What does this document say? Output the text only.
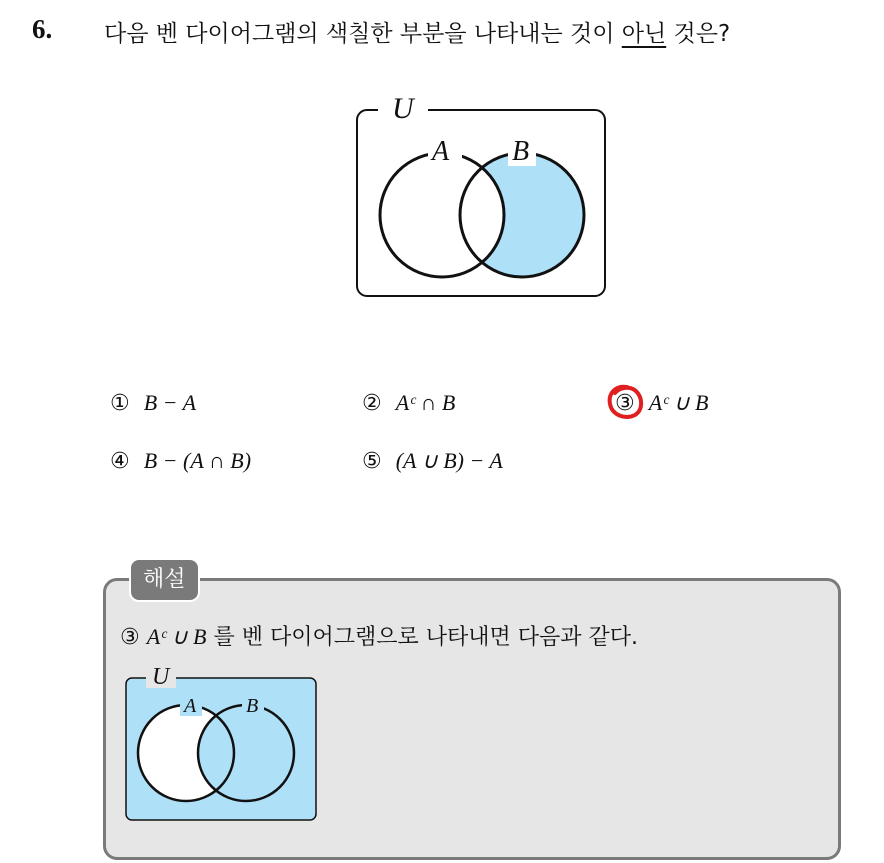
6. 다음 벤 다이어그램의 색칠한 부분을 나타내는 것이 아닌 것은?
U
A B
① B − A	② Aᶜ ∩ B	③ Aᶜ ∪ B
④ B − (A ∩ B)	⑤ (A ∪ B) − A
해설
③ Aᶜ ∪ B 를 벤 다이어그램으로 나타내면 다음과 같다.
U
A B
